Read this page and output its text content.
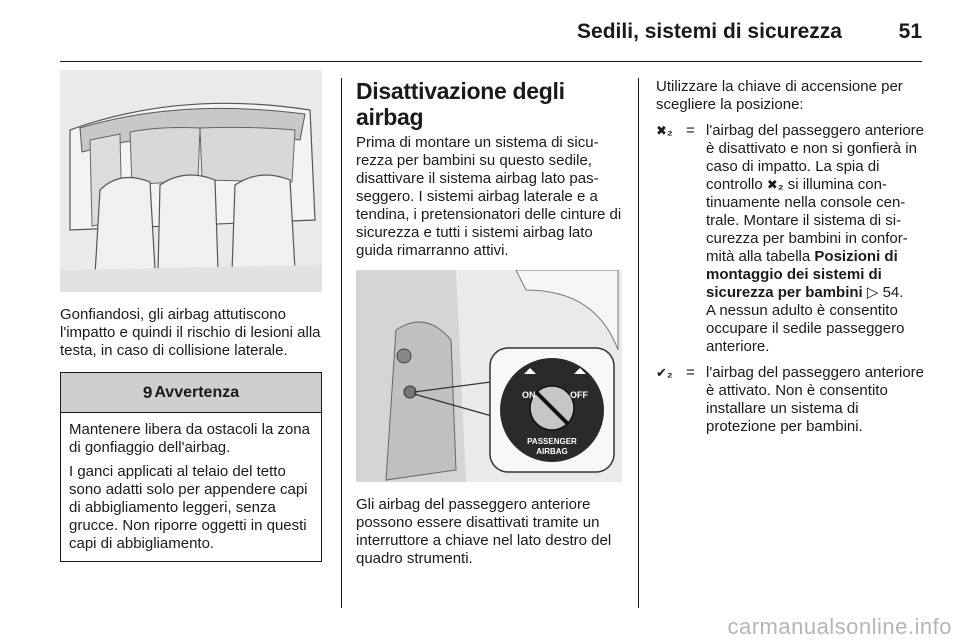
Sedili, sistemi di sicurezza	51

Gonfiandosi, gli airbag attutiscono l'impatto e quindi il rischio di lesioni alla testa, in caso di collisione laterale.

9 Avvertenza

Mantenere libera da ostacoli la zona di gonfiaggio dell'airbag.

I ganci applicati al telaio del tetto sono adatti solo per appendere capi di abbigliamento leggeri, senza grucce. Non riporre oggetti in questi capi di abbigliamento.

Disattivazione degli airbag

Prima di montare un sistema di sicurezza per bambini su questo sedile, disattivare il sistema airbag lato passeggero. I sistemi airbag laterale e a tendina, i pretensionatori delle cinture di sicurezza e tutti i sistemi airbag lato guida rimarranno attivi.

ON	OFF
PASSENGER
AIRBAG

Gli airbag del passeggero anteriore possono essere disattivati tramite un interruttore a chiave nel lato destro del quadro strumenti.

Utilizzare la chiave di accensione per scegliere la posizione:

✖₂ = l'airbag del passeggero anteriore è disattivato e non si gonfierà in caso di impatto. La spia di controllo ✖₂ si illumina continuamente nella console centrale. Montare il sistema di sicurezza per bambini in conformità alla tabella Posizioni di montaggio dei sistemi di sicurezza per bambini ▷ 54.
A nessun adulto è consentito occupare il sedile passeggero anteriore.
✔₂ = l'airbag del passeggero anteriore è attivato. Non è consentito installare un sistema di protezione per bambini.
carmanualsonline.info
